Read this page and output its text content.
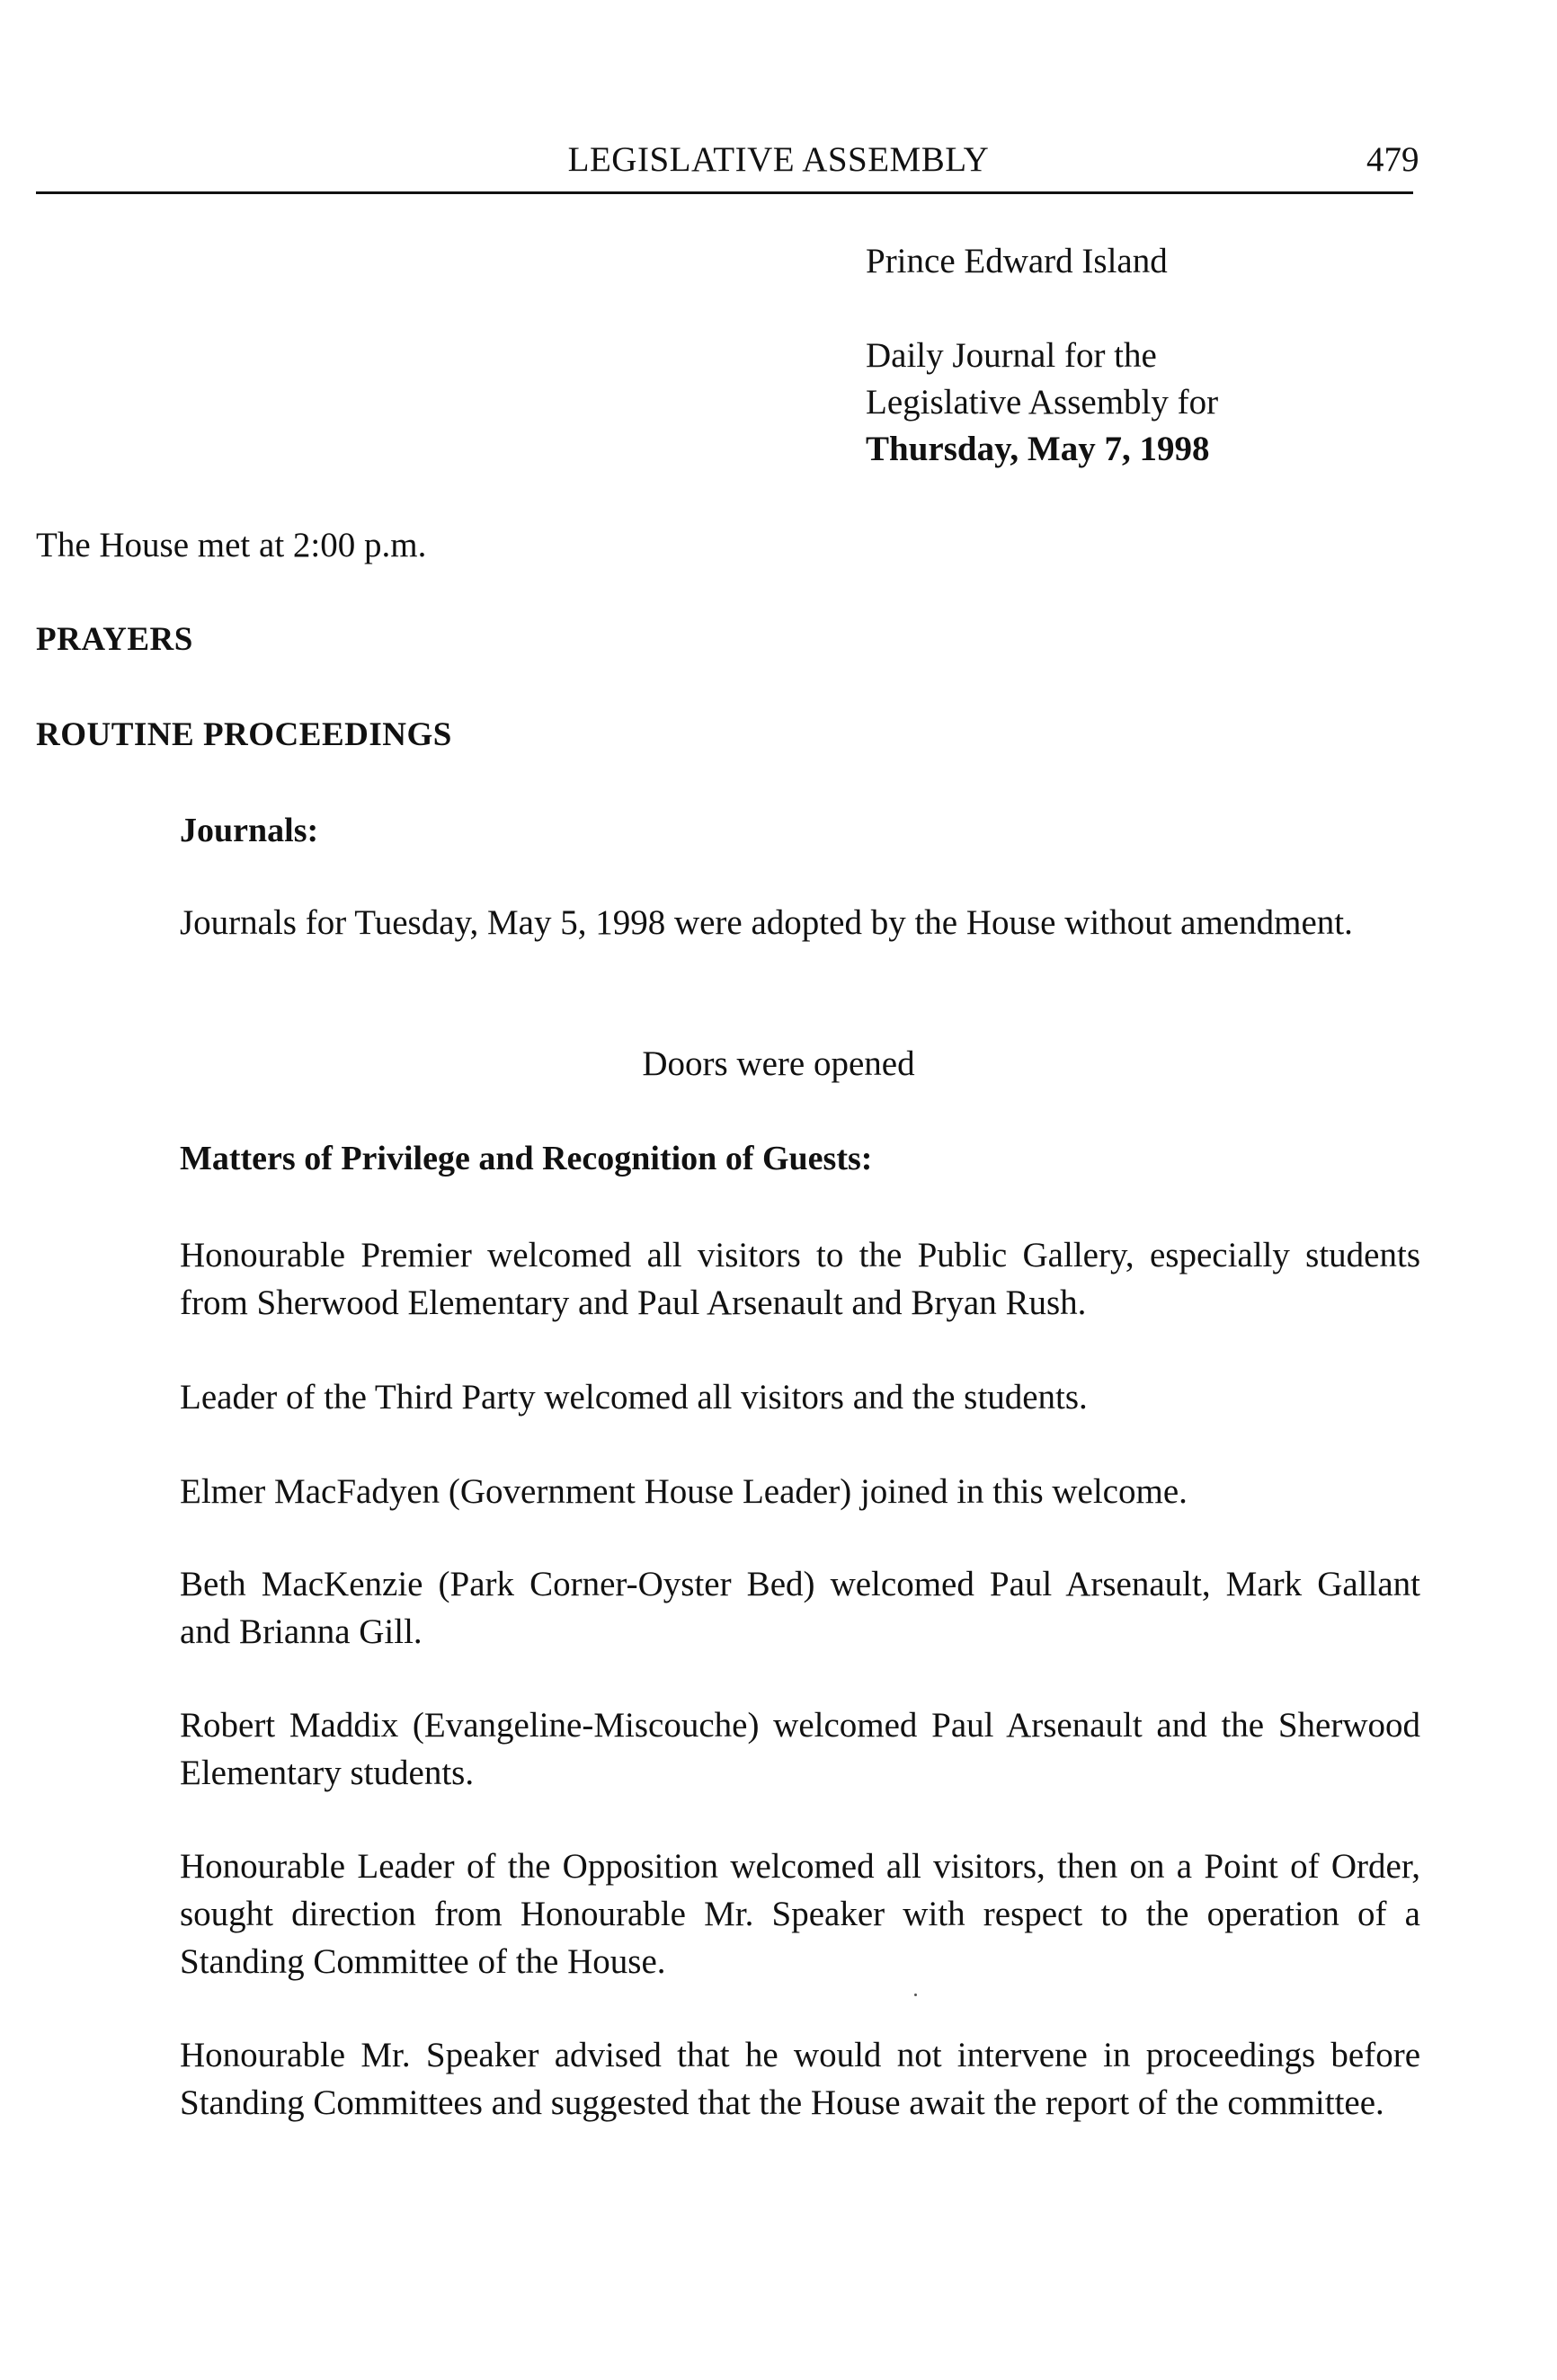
LEGISLATIVE ASSEMBLY	479
Prince Edward Island
Daily Journal for the
Legislative Assembly for
Thursday, May 7, 1998
The House met at 2:00 p.m.
PRAYERS
ROUTINE PROCEEDINGS
Journals:

Journals for Tuesday, May 5, 1998 were adopted by the House without amendment.

Doors were opened
Matters of Privilege and Recognition of Guests:

Honourable Premier welcomed all visitors to the Public Gallery, especially students from Sherwood Elementary and Paul Arsenault and Bryan Rush.

Leader of the Third Party welcomed all visitors and the students.

Elmer MacFadyen (Government House Leader) joined in this welcome.

Beth MacKenzie (Park Corner-Oyster Bed) welcomed Paul Arsenault, Mark Gallant and Brianna Gill.

Robert Maddix (Evangeline-Miscouche) welcomed Paul Arsenault and the Sherwood Elementary students.

Honourable Leader of the Opposition welcomed all visitors, then on a Point of Order, sought direction from Honourable Mr. Speaker with respect to the operation of a Standing Committee of the House.

Honourable Mr. Speaker advised that he would not intervene in proceedings before Standing Committees and suggested that the House await the report of the committee.
